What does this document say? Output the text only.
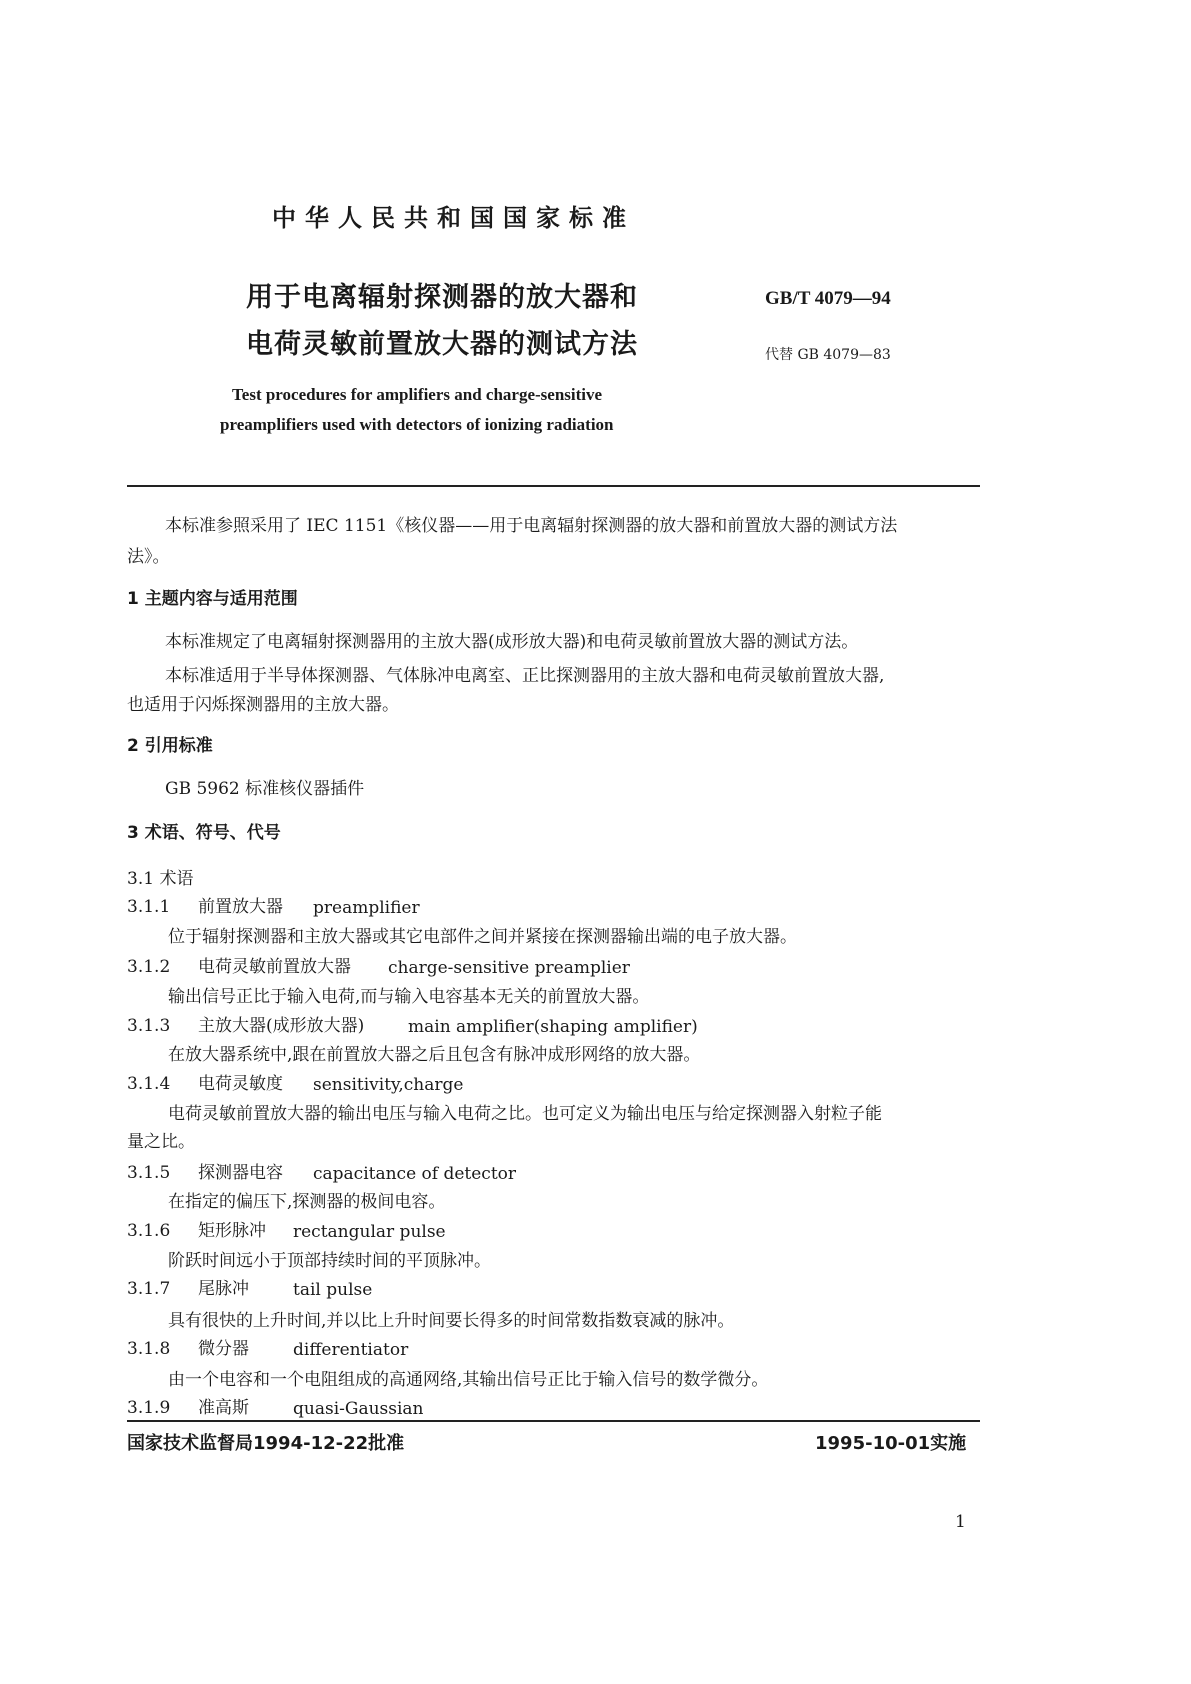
中华人民共和国国家标准
用于电离辐射探测器的放大器和
电荷灵敏前置放大器的测试方法
GB/T 4079—94
代替 GB 4079—83
Test procedures for amplifiers and charge-sensitive
preamplifiers used with detectors of ionizing radiation
本标准参照采用了 IEC 1151《核仪器——用于电离辐射探测器的放大器和前置放大器的测试方法
法》。
1 主题内容与适用范围
本标准规定了电离辐射探测器用的主放大器(成形放大器)和电荷灵敏前置放大器的测试方法。
本标准适用于半导体探测器、气体脉冲电离室、正比探测器用的主放大器和电荷灵敏前置放大器,
也适用于闪烁探测器用的主放大器。
2 引用标准
GB 5962 标准核仪器插件
3 术语、符号、代号
3.1 术语
3.1.1 前置放大器 preamplifier
位于辐射探测器和主放大器或其它电部件之间并紧接在探测器输出端的电子放大器。
3.1.2 电荷灵敏前置放大器 charge-sensitive preamplier
输出信号正比于输入电荷,而与输入电容基本无关的前置放大器。
3.1.3 主放大器(成形放大器)	main amplifier(shaping amplifier)
在放大器系统中,跟在前置放大器之后且包含有脉冲成形网络的放大器。
3.1.4 电荷灵敏度 sensitivity,charge
电荷灵敏前置放大器的输出电压与输入电荷之比。也可定义为输出电压与给定探测器入射粒子能
量之比。
3.1.5 探测器电容 capacitance of detector
在指定的偏压下,探测器的极间电容。
3.1.6 矩形脉冲 rectangular pulse
阶跃时间远小于顶部持续时间的平顶脉冲。
3.1.7 尾脉冲	tail pulse
具有很快的上升时间,并以比上升时间要长得多的时间常数指数衰减的脉冲。
3.1.8 微分器	differentiator
由一个电容和一个电阻组成的高通网络,其输出信号正比于输入信号的数学微分。
3.1.9 准高斯	quasi-Gaussian
国家技术监督局1994-12-22批准	1995-10-01实施
1
